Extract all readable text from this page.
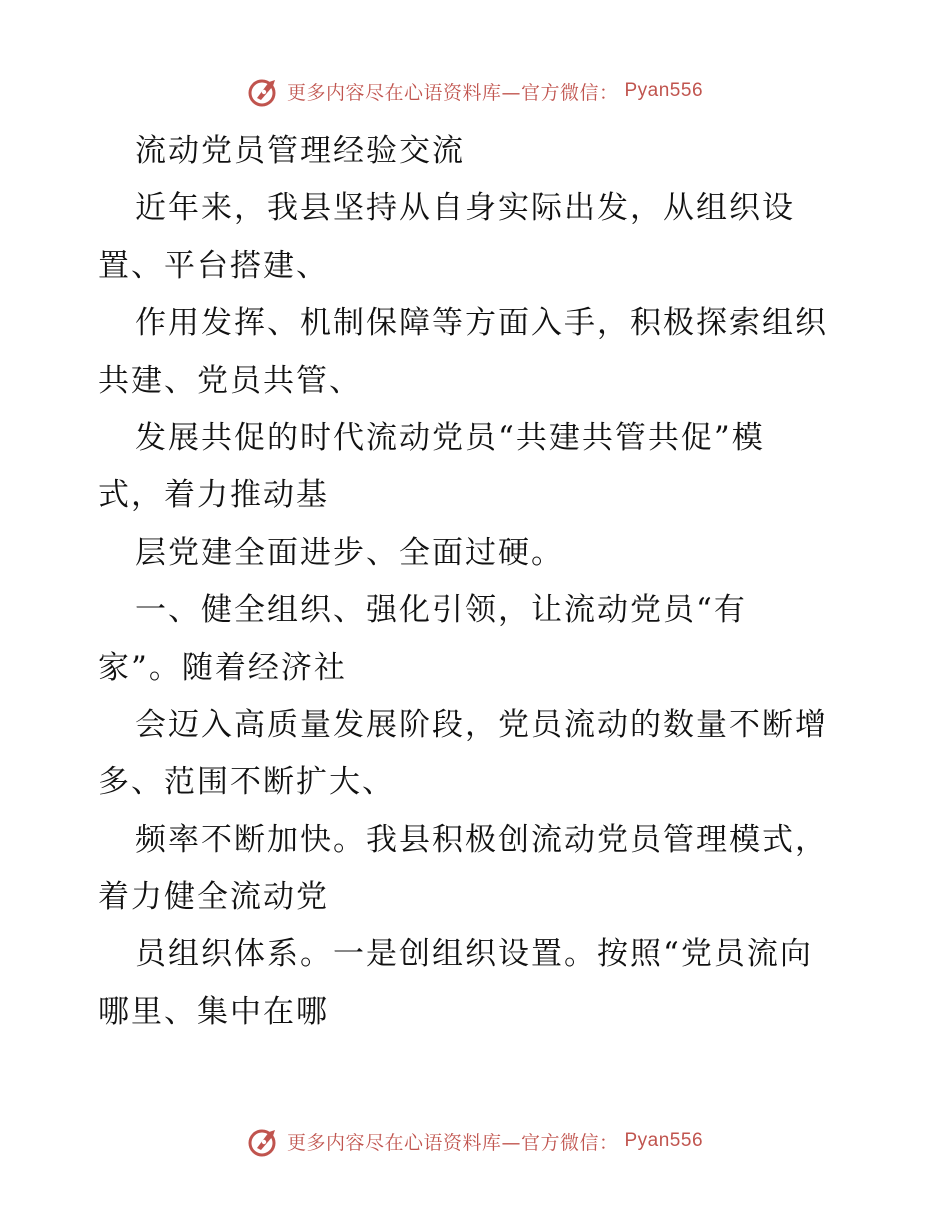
更多内容尽在心语资料库—官方微信： Pyan556
流动党员管理经验交流
近年来，我县坚持从自身实际出发，从组织设
置、平台搭建、
作用发挥、机制保障等方面入手，积极探索组织
共建、党员共管、
发展共促的时代流动党员“共建共管共促”模
式，着力推动基
层党建全面进步、全面过硬。
一、健全组织、强化引领，让流动党员“有
家”。随着经济社
会迈入高质量发展阶段，党员流动的数量不断增
多、范围不断扩大、
频率不断加快。我县积极创流动党员管理模式，
着力健全流动党
员组织体系。一是创组织设置。按照“党员流向
哪里、集中在哪
更多内容尽在心语资料库—官方微信： Pyan556
